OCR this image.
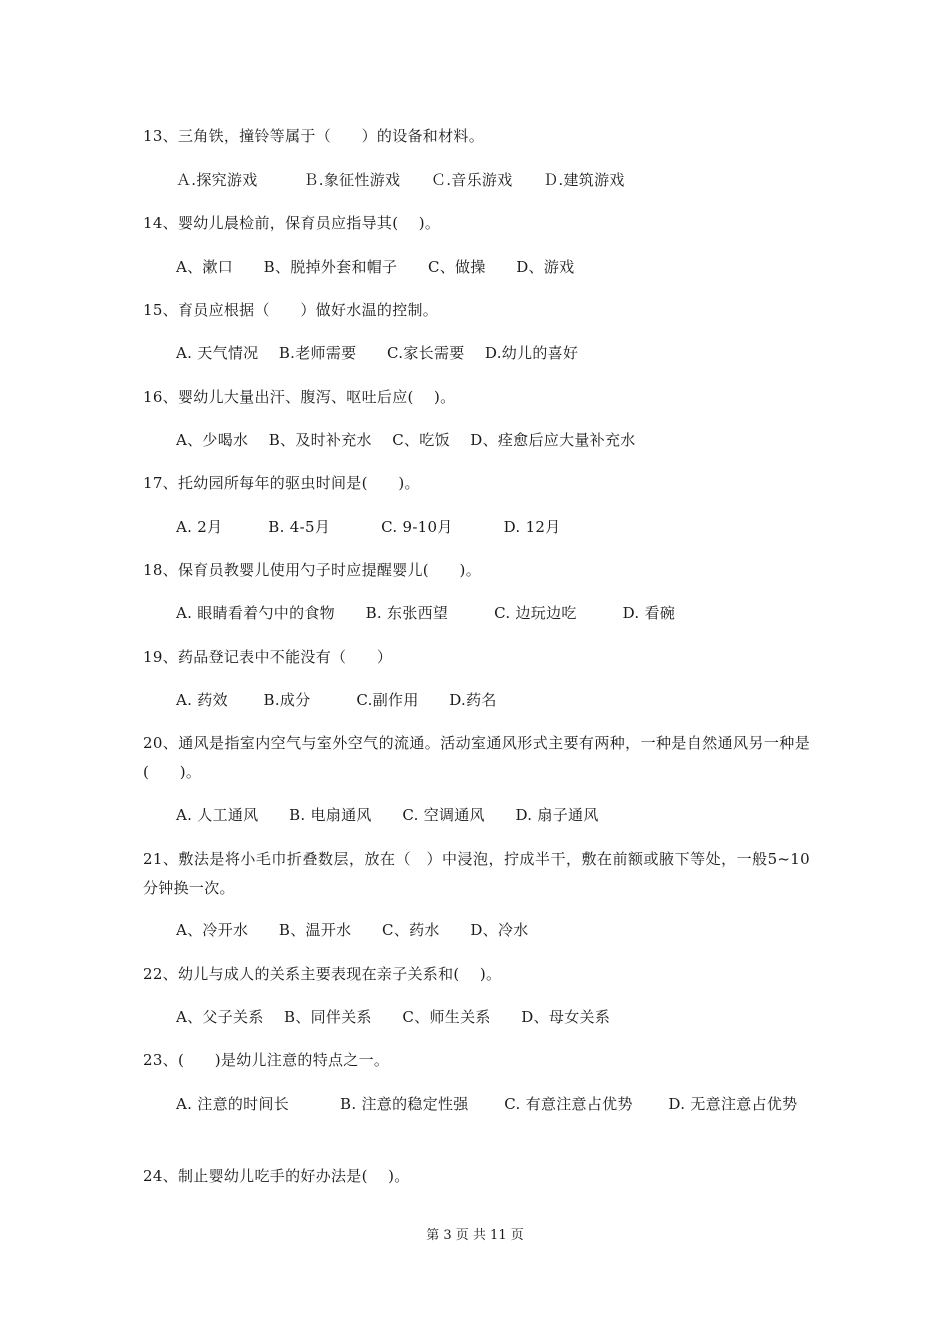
13、三角铁，撞铃等属于（　　）的设备和材料。
Ａ.探究游戏　　　Ｂ.象征性游戏　　Ｃ.音乐游戏　　Ｄ.建筑游戏
14、婴幼儿晨检前，保育员应指导其(　 )。
A、漱口　　B、脱掉外套和帽子　　C、做操　　D、游戏
15、育员应根据（　　）做好水温的控制。
A. 天气情况　 B.老师需要　　C.家长需要　 D.幼儿的喜好
16、婴幼儿大量出汗、腹泻、呕吐后应(　 )。
A、少喝水　 B、及时补充水　 C、吃饭　 D、痊愈后应大量补充水
17、托幼园所每年的驱虫时间是(　　)。
A. 2月　　　B. 4-5月　　　 C. 9-10月　　　 D. 12月
18、保育员教婴儿使用勺子时应提醒婴儿(　　)。
A. 眼睛看着勺中的食物　　B. 东张西望　　　C. 边玩边吃　　　D. 看碗
19、药品登记表中不能没有（　　）
A. 药效　　 B.成分　　　C.副作用　　D.药名
20、通风是指室内空气与室外空气的流通。活动室通风形式主要有两种，一种是自然通风另一种是(　　)。
A. 人工通风　　B. 电扇通风　　C. 空调通风　　D. 扇子通风
21、敷法是将小毛巾折叠数层，放在（　）中浸泡，拧成半干，敷在前额或腋下等处，一般5~10分钟换一次。
A、冷开水　　B、温开水　　C、药水　　D、冷水
22、幼儿与成人的关系主要表现在亲子关系和(　 )。
A、父子关系　 B、同伴关系　　C、师生关系　　D、母女关系
23、(　　)是幼儿注意的特点之一。
A. 注意的时间长　　　 B. 注意的稳定性强　　 C. 有意注意占优势　　 D. 无意注意占优势
24、制止婴幼儿吃手的好办法是(　 )。
第 3 页 共 11 页
